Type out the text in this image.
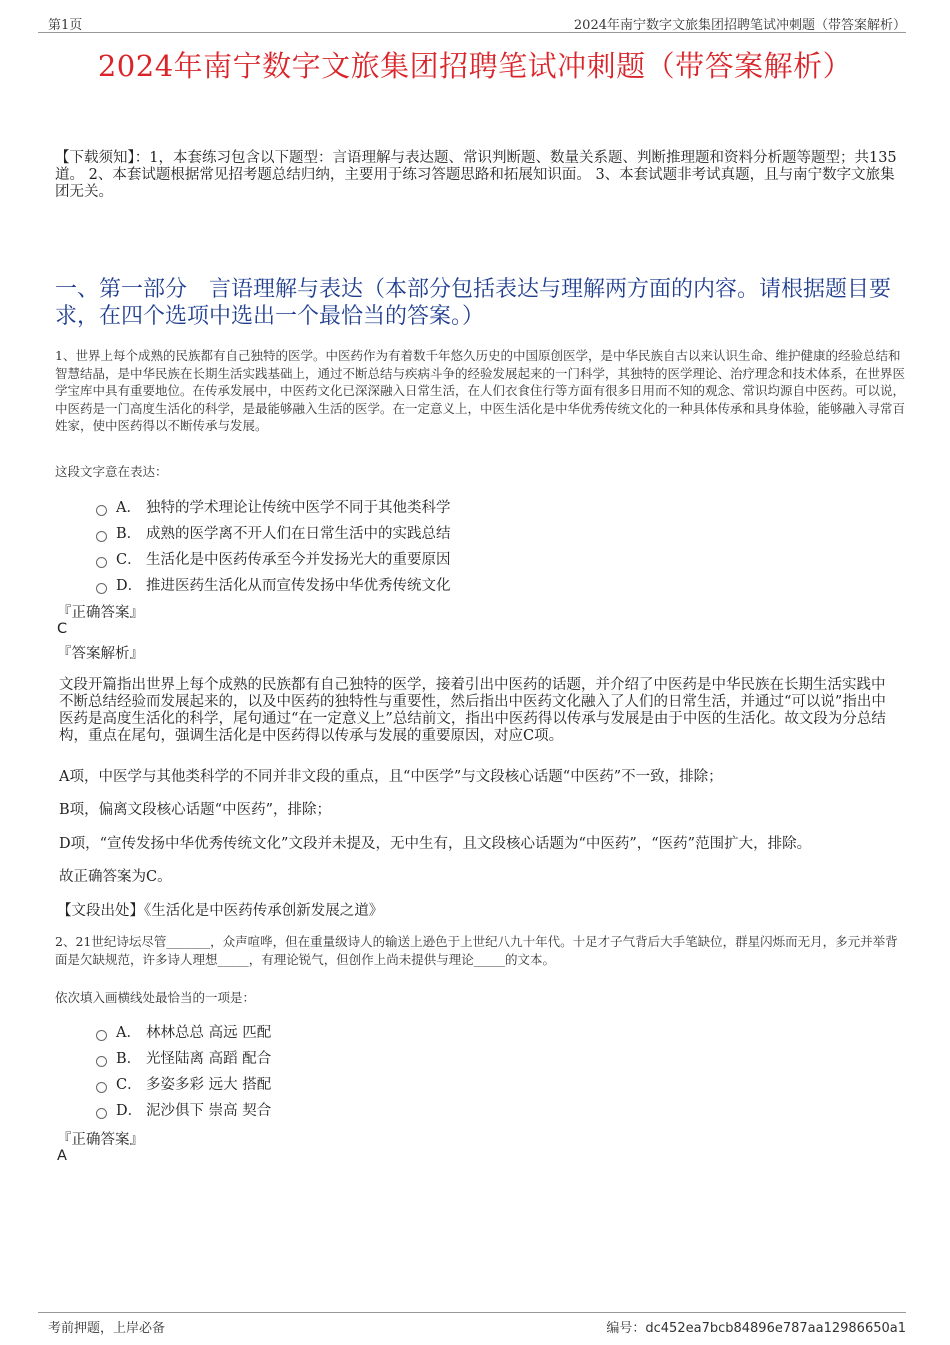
第1页	2024年南宁数字文旅集团招聘笔试冲刺题（带答案解析）
2024年南宁数字文旅集团招聘笔试冲刺题（带答案解析）
【下载须知】：1，本套练习包含以下题型：言语理解与表达题、常识判断题、数量关系题、判断推理题和资料分析题等题型；共135道。 2、本套试题根据常见招考题总结归纳，主要用于练习答题思路和拓展知识面。 3、本套试题非考试真题，且与南宁数字文旅集团无关。
一、第一部分　言语理解与表达（本部分包括表达与理解两方面的内容。请根据题目要求，在四个选项中选出一个最恰当的答案。）
1、世界上每个成熟的民族都有自己独特的医学。中医药作为有着数千年悠久历史的中国原创医学，是中华民族自古以来认识生命、维护健康的经验总结和智慧结晶，是中华民族在长期生活实践基础上，通过不断总结与疾病斗争的经验发展起来的一门科学，其独特的医学理论、治疗理念和技术体系，在世界医学宝库中具有重要地位。在传承发展中，中医药文化已深深融入日常生活，在人们衣食住行等方面有很多日用而不知的观念、常识均源自中医药。可以说，中医药是一门高度生活化的科学，是最能够融入生活的医学。在一定意义上，中医生活化是中华优秀传统文化的一种具体传承和具身体验，能够融入寻常百姓家，使中医药得以不断传承与发展。
这段文字意在表达：
A． 独特的学术理论让传统中医学不同于其他类科学
B． 成熟的医学离不开人们在日常生活中的实践总结
C． 生活化是中医药传承至今并发扬光大的重要原因
D． 推进医药生活化从而宣传发扬中华优秀传统文化
『正确答案』
C
『答案解析』
文段开篇指出世界上每个成熟的民族都有自己独特的医学，接着引出中医药的话题，并介绍了中医药是中华民族在长期生活实践中不断总结经验而发展起来的，以及中医药的独特性与重要性，然后指出中医药文化融入了人们的日常生活，并通过“可以说”指出中医药是高度生活化的科学，尾句通过“在一定意义上”总结前文，指出中医药得以传承与发展是由于中医的生活化。故文段为分总结构，重点在尾句，强调生活化是中医药得以传承与发展的重要原因，对应C项。
A项，中医学与其他类科学的不同并非文段的重点，且“中医学”与文段核心话题“中医药”不一致，排除；
B项，偏离文段核心话题“中医药”，排除；
D项，“宣传发扬中华优秀传统文化”文段并未提及，无中生有，且文段核心话题为“中医药”，“医药”范围扩大，排除。
故正确答案为C。
【文段出处】《生活化是中医药传承创新发展之道》
2、21世纪诗坛尽管_______，众声喧哗，但在重量级诗人的输送上逊色于上世纪八九十年代。十足才子气背后大手笔缺位，群星闪烁而无月，多元并举背面是欠缺规范，许多诗人理想_____，有理论锐气，但创作上尚未提供与理论_____的文本。
依次填入画横线处最恰当的一项是：
A． 林林总总 高远 匹配
B． 光怪陆离 高蹈 配合
C． 多姿多彩 远大 搭配
D． 泥沙俱下 崇高 契合
『正确答案』
A
考前押题，上岸必备	编号：dc452ea7bcb84896e787aa12986650a1
